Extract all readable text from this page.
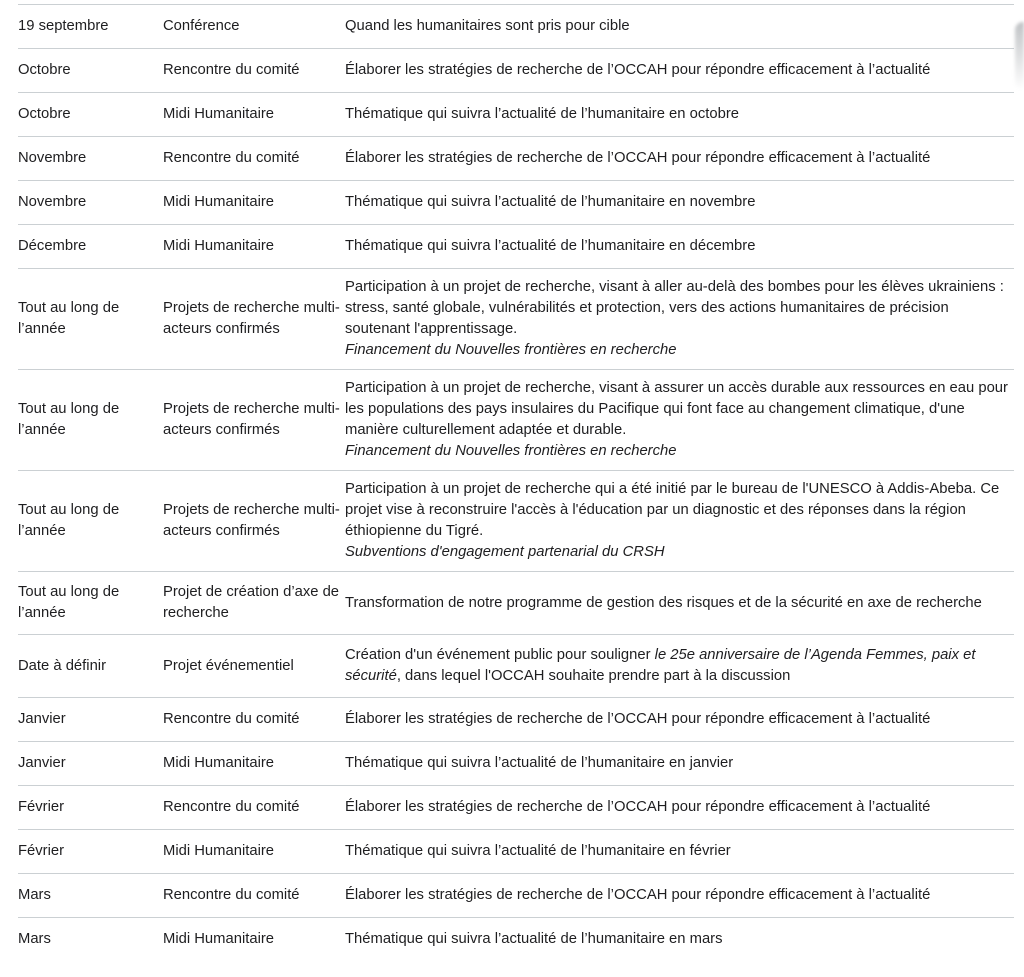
19 septembre	Conférence	Quand les humanitaires sont pris pour cible

Octobre	Rencontre du comité	Élaborer les stratégies de recherche de l’OCCAH pour répondre efficacement à l’actualité

Octobre	Midi Humanitaire	Thématique qui suivra l’actualité de l’humanitaire en octobre

Novembre	Rencontre du comité	Élaborer les stratégies de recherche de l’OCCAH pour répondre efficacement à l’actualité

Novembre	Midi Humanitaire	Thématique qui suivra l’actualité de l’humanitaire en novembre

Décembre	Midi Humanitaire	Thématique qui suivra l’actualité de l’humanitaire en décembre

Tout au long de l’année	Projets de recherche multi-acteurs confirmés	Participation à un projet de recherche, visant à aller au-delà des bombes pour les élèves ukrainiens : stress, santé globale, vulnérabilités et protection, vers des actions humanitaires de précision soutenant l'apprentissage.
Financement du Nouvelles frontières en recherche

Tout au long de l’année	Projets de recherche multi-acteurs confirmés	Participation à un projet de recherche, visant à assurer un accès durable aux ressources en eau pour les populations des pays insulaires du Pacifique qui font face au changement climatique, d'une manière culturellement adaptée et durable.
Financement du Nouvelles frontières en recherche

Tout au long de l’année	Projets de recherche multi-acteurs confirmés	Participation à un projet de recherche qui a été initié par le bureau de l'UNESCO à Addis-Abeba. Ce projet vise à reconstruire l'accès à l'éducation par un diagnostic et des réponses dans la région éthiopienne du Tigré.
Subventions d'engagement partenarial du CRSH

Tout au long de l’année	Projet de création d’axe de recherche	Transformation de notre programme de gestion des risques et de la sécurité en axe de recherche

Date à définir	Projet événementiel	Création d'un événement public pour souligner le 25e anniversaire de l’Agenda Femmes, paix et sécurité, dans lequel l'OCCAH souhaite prendre part à la discussion

Janvier	Rencontre du comité	Élaborer les stratégies de recherche de l’OCCAH pour répondre efficacement à l’actualité

Janvier	Midi Humanitaire	Thématique qui suivra l’actualité de l’humanitaire en janvier

Février	Rencontre du comité	Élaborer les stratégies de recherche de l’OCCAH pour répondre efficacement à l’actualité

Février	Midi Humanitaire	Thématique qui suivra l’actualité de l’humanitaire en février

Mars	Rencontre du comité	Élaborer les stratégies de recherche de l’OCCAH pour répondre efficacement à l’actualité

Mars	Midi Humanitaire	Thématique qui suivra l’actualité de l’humanitaire en mars
